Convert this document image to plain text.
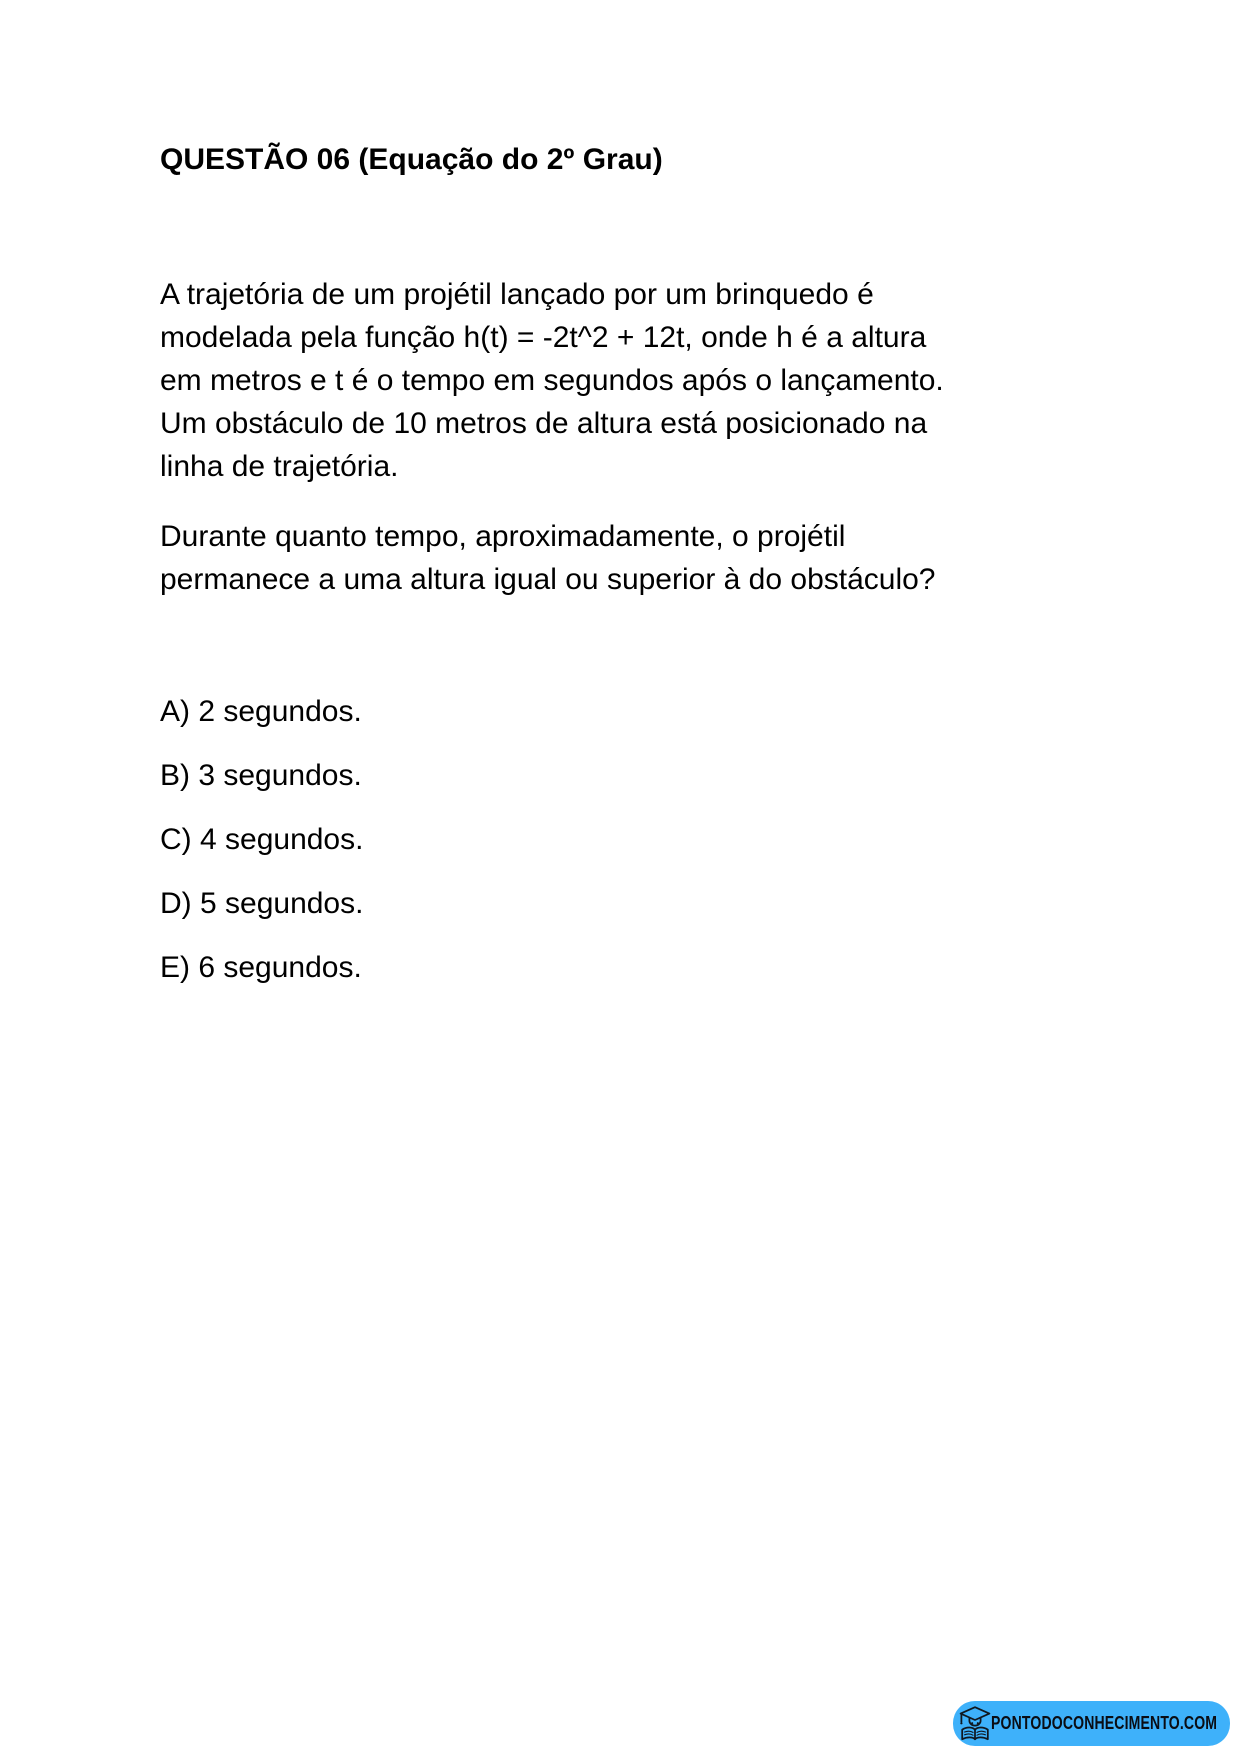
QUESTÃO 06 (Equação do 2º Grau)
A trajetória de um projétil lançado por um brinquedo é
modelada pela função h(t) = -2t^2 + 12t, onde h é a altura
em metros e t é o tempo em segundos após o lançamento.
Um obstáculo de 10 metros de altura está posicionado na
linha de trajetória.
Durante quanto tempo, aproximadamente, o projétil
permanece a uma altura igual ou superior à do obstáculo?
A) 2 segundos.
B) 3 segundos.
C) 4 segundos.
D) 5 segundos.
E) 6 segundos.
PONTODOCONHECIMENTO.COM
